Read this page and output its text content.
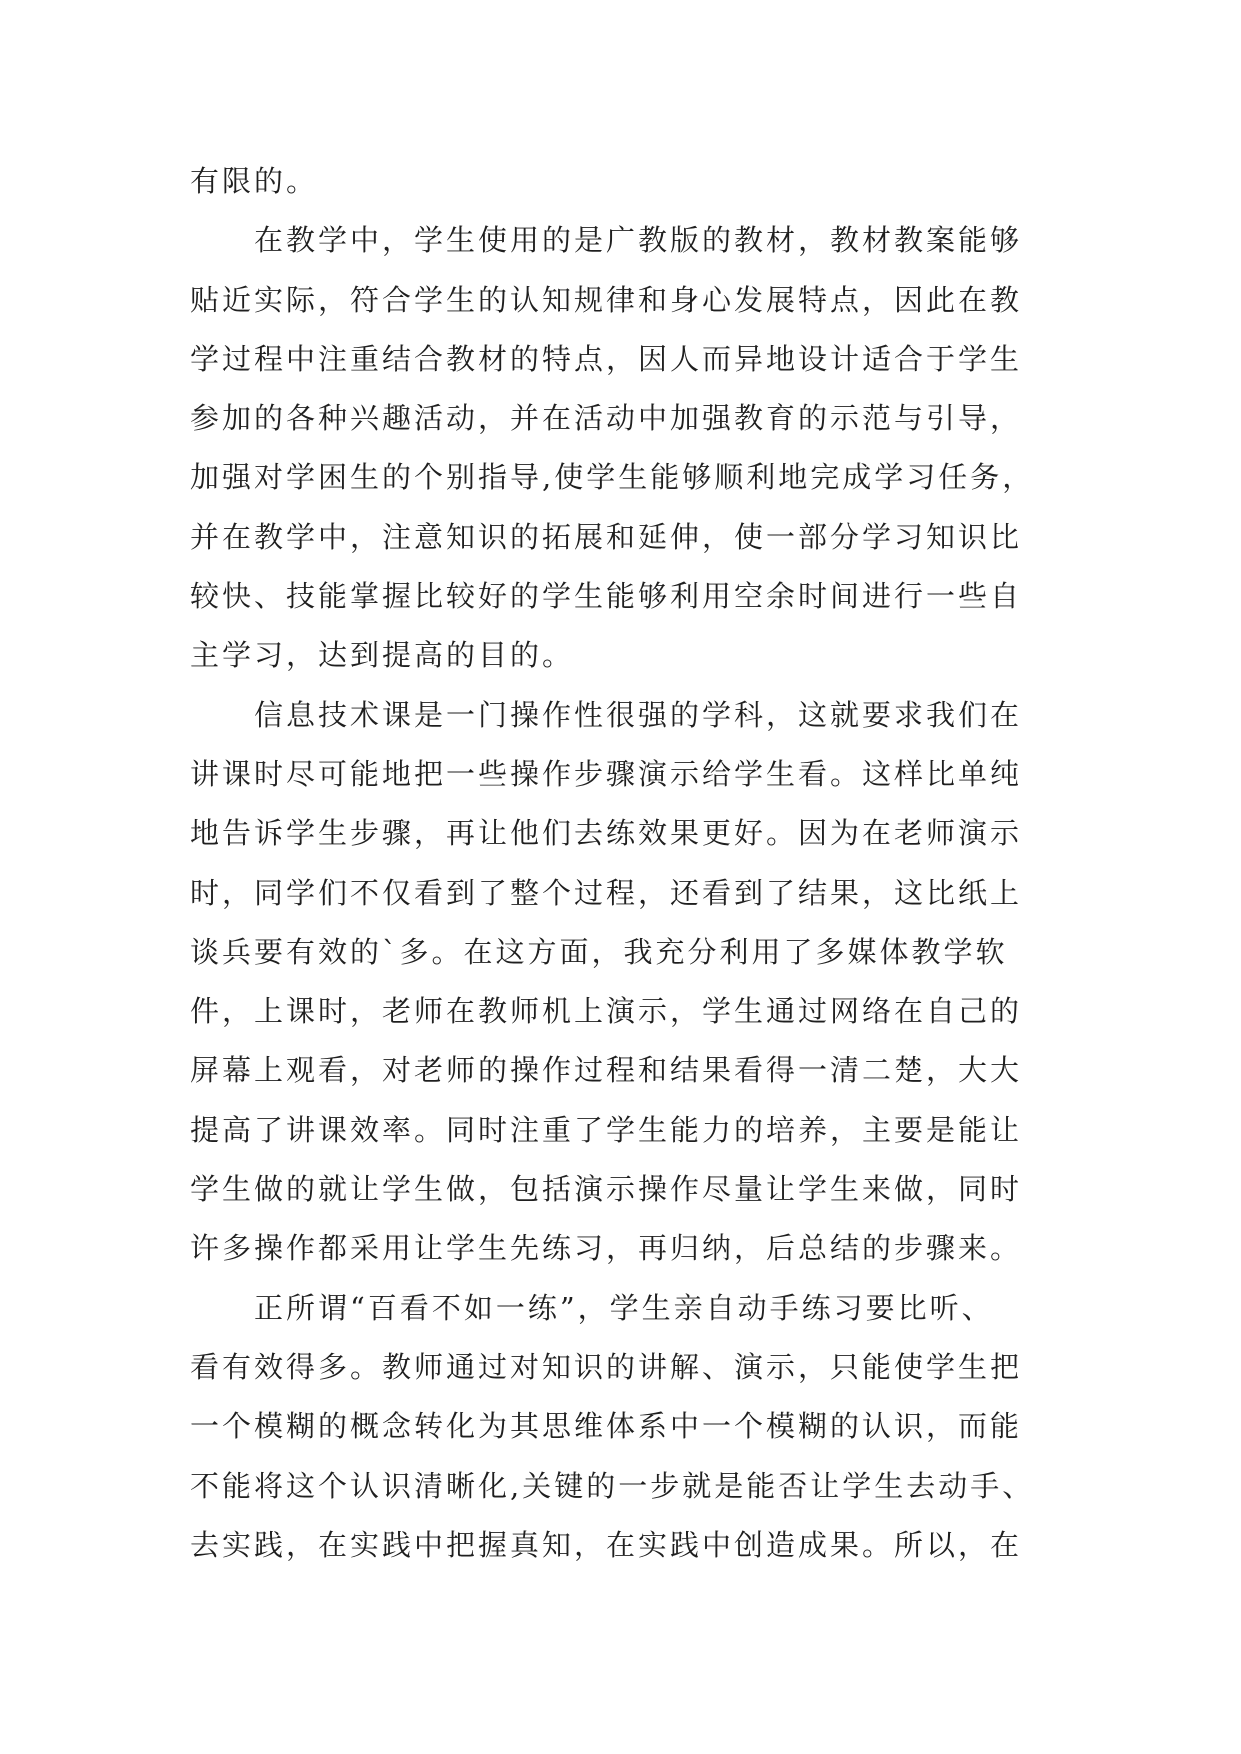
有限的。
在教学中，学生使用的是广教版的教材，教材教案能够
贴近实际，符合学生的认知规律和身心发展特点，因此在教
学过程中注重结合教材的特点，因人而异地设计适合于学生
参加的各种兴趣活动，并在活动中加强教育的示范与引导，
加强对学困生的个别指导,使学生能够顺利地完成学习任务，
并在教学中，注意知识的拓展和延伸，使一部分学习知识比
较快、技能掌握比较好的学生能够利用空余时间进行一些自
主学习，达到提高的目的。
信息技术课是一门操作性很强的学科，这就要求我们在
讲课时尽可能地把一些操作步骤演示给学生看。这样比单纯
地告诉学生步骤，再让他们去练效果更好。因为在老师演示
时，同学们不仅看到了整个过程，还看到了结果，这比纸上
谈兵要有效的`多。在这方面，我充分利用了多媒体教学软
件，上课时，老师在教师机上演示，学生通过网络在自己的
屏幕上观看，对老师的操作过程和结果看得一清二楚，大大
提高了讲课效率。同时注重了学生能力的培养，主要是能让
学生做的就让学生做，包括演示操作尽量让学生来做，同时
许多操作都采用让学生先练习，再归纳，后总结的步骤来。
正所谓“百看不如一练”，学生亲自动手练习要比听、
看有效得多。教师通过对知识的讲解、演示，只能使学生把
一个模糊的概念转化为其思维体系中一个模糊的认识，而能
不能将这个认识清晰化,关键的一步就是能否让学生去动手、
去实践，在实践中把握真知，在实践中创造成果。所以，在
